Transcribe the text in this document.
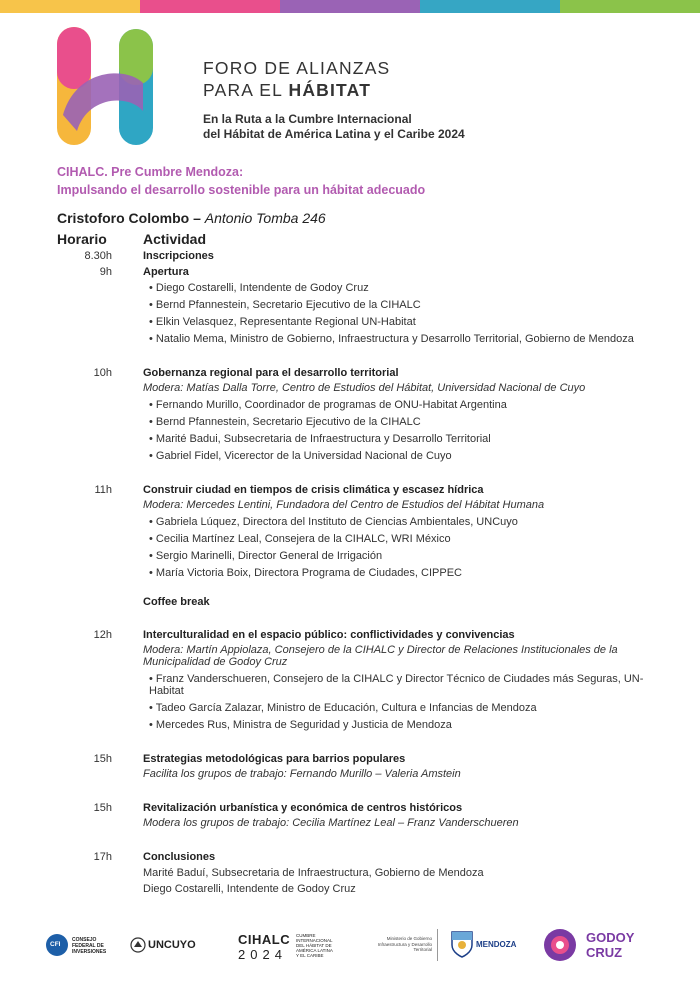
FORO DE ALIANZAS
PARA EL HÁBITAT
En la Ruta a la Cumbre Internacional
del Hábitat de América Latina y el Caribe 2024
CIHALC. Pre Cumbre Mendoza:
Impulsando el desarrollo sostenible para un hábitat adecuado
Cristoforo Colombo – Antonio Tomba 246
Horario	Actividad
8.30h	Inscripciones
9h	Apertura
• Diego Costarelli, Intendente de Godoy Cruz
• Bernd Pfannestein, Secretario Ejecutivo de la CIHALC
• Elkin Velasquez, Representante Regional UN-Habitat
• Natalio Mema, Ministro de Gobierno, Infraestructura y Desarrollo Territorial, Gobierno de Mendoza
10h	Gobernanza regional para el desarrollo territorial
Modera: Matías Dalla Torre, Centro de Estudios del Hábitat, Universidad Nacional de Cuyo
• Fernando Murillo, Coordinador de programas de ONU-Habitat Argentina
• Bernd Pfannestein, Secretario Ejecutivo de la CIHALC
• Marité Badui, Subsecretaria de Infraestructura y Desarrollo Territorial
• Gabriel Fidel, Vicerector de la Universidad Nacional de Cuyo
11h	Construir ciudad en tiempos de crisis climática y escasez hídrica
Modera: Mercedes Lentini, Fundadora del Centro de Estudios del Hábitat Humana
• Gabriela Lúquez, Directora del Instituto de Ciencias Ambientales, UNCuyo
• Cecilia Martínez Leal, Consejera de la CIHALC, WRI México
• Sergio Marinelli, Director General de Irrigación
• María Victoria Boix, Directora Programa de Ciudades, CIPPEC
Coffee break
12h	Interculturalidad en el espacio público: conflictividades y convivencias
Modera: Martín Appiolaza, Consejero de la CIHALC y Director de Relaciones Institucionales de la Municipalidad de Godoy Cruz
• Franz Vanderschueren, Consejero de la CIHALC y Director Técnico de Ciudades más Seguras, UN-Habitat
• Tadeo García Zalazar, Ministro de Educación, Cultura e Infancias de Mendoza
• Mercedes Rus, Ministra de Seguridad y Justicia de Mendoza
15h	Estrategias metodológicas para barrios populares
Facilita los grupos de trabajo: Fernando Murillo – Valeria Amstein
15h	Revitalización urbanística y económica de centros históricos
Modera los grupos de trabajo: Cecilia Martínez Leal – Franz Vanderschueren
17h	Conclusiones
Marité Baduí, Subsecretaria de Infraestructura, Gobierno de Mendoza
Diego Costarelli, Intendente de Godoy Cruz
CFI
CONSEJO FEDERAL DE INVERSIONES
UNCUYO	CIHALC
2024
CUMBRE INTERNACIONAL DEL HÁBITAT DE AMÉRICA LATINA Y EL CARIBE
Ministerio de Gobierno Infraestructura y Desarrollo Territorial
MENDOZA	GODOY
CRUZ
